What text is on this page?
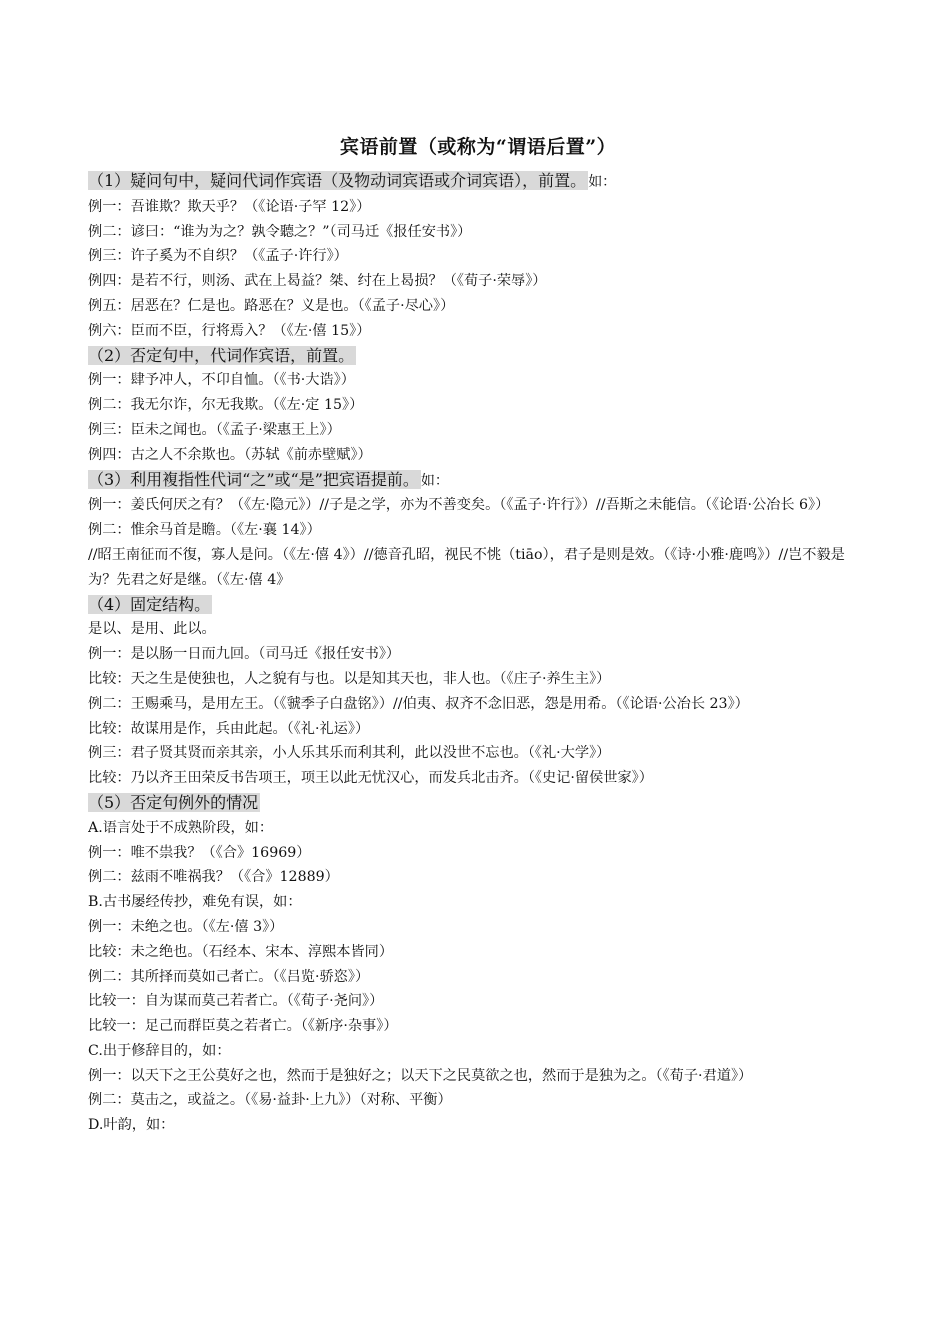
宾语前置（或称为“谓语后置”）
（1）疑问句中，疑问代词作宾语（及物动词宾语或介词宾语），前置。 如：
例一：吾谁欺？欺天乎？（《论语·子罕 12》）
例二：谚曰：“谁为为之？孰令聽之？”（司马迁《报任安书》）
例三：许子奚为不自织？（《孟子·许行》）
例四：是若不行，则汤、武在上曷益？桀、纣在上曷损？（《荀子·荣辱》）
例五：居恶在？仁是也。路恶在？义是也。（《孟子·尽心》）
例六：臣而不臣，行将焉入？（《左·僖 15》）
（2）否定句中，代词作宾语，前置。
例一：肆予冲人，不卬自恤。（《书·大诰》）
例二：我无尔诈，尔无我欺。（《左·定 15》）
例三：臣未之闻也。（《孟子·梁惠王上》）
例四：古之人不余欺也。（苏轼《前赤壁赋》）
（3）利用複指性代词“之”或“是”把宾语提前。 如：
例一：姜氏何厌之有？（《左·隐元》）//子是之学，亦为不善变矣。（《孟子·许行》）//吾斯之未能信。（《论语·公冶长 6》）
例二：惟余马首是瞻。（《左·襄 14》）
//昭王南征而不復，寡人是问。（《左·僖 4》）//德音孔昭，视民不恌（tiāo），君子是则是效。（《诗·小雅·鹿鸣》）//岂不毅是为？先君之好是继。（《左·僖 4》
（4）固定结构。
是以、是用、此以。
例一：是以肠一日而九回。（司马迁《报任安书》）
比较：天之生是使独也，人之貌有与也。以是知其天也，非人也。（《庄子·养生主》）
例二：王赐乘马，是用左王。（《虢季子白盘铭》）//伯夷、叔齐不念旧恶，怨是用希。（《论语·公冶长 23》）
比较：故谋用是作，兵由此起。（《礼·礼运》）
例三：君子贤其贤而亲其亲，小人乐其乐而利其利，此以没世不忘也。（《礼·大学》）
比较：乃以齐王田荣反书告项王，项王以此无忧汉心，而发兵北击齐。（《史记·留侯世家》）
（5）否定句例外的情况
A.语言处于不成熟阶段，如：
例一：唯不祟我？（《合》16969）
例二：兹雨不唯祸我？（《合》12889）
B.古书屡经传抄，难免有误，如：
例一：未绝之也。（《左·僖 3》）
比较：未之绝也。（石经本、宋本、淳熙本皆同）
例二：其所择而莫如己者亡。（《吕览·骄恣》）
比较一：自为谋而莫己若者亡。（《荀子·尧问》）
比较一：足己而群臣莫之若者亡。（《新序·杂事》）
C.出于修辞目的，如：
例一：以天下之王公莫好之也，然而于是独好之；以天下之民莫欲之也，然而于是独为之。（《荀子·君道》）
例二：莫击之，或益之。（《易·益卦·上九》）（对称、平衡）
D.叶韵，如：
